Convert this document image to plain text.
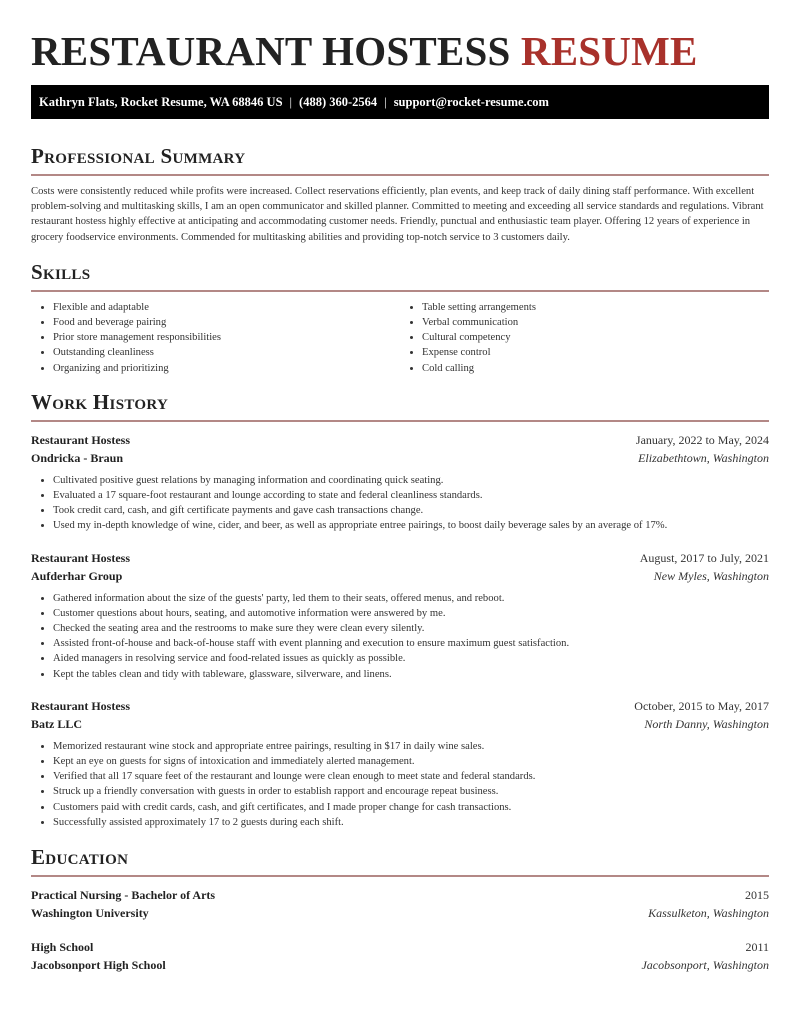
RESTAURANT HOSTESS RESUME
Kathryn Flats, Rocket Resume, WA 68846 US | (488) 360-2564 | support@rocket-resume.com
Professional Summary

Costs were consistently reduced while profits were increased. Collect reservations efficiently, plan events, and keep track of daily dining staff performance. With excellent problem-solving and multitasking skills, I am an open communicator and skilled planner. Committed to meeting and exceeding all service standards and regulations. Vibrant restaurant hostess highly effective at anticipating and accommodating customer needs. Friendly, punctual and enthusiastic team player. Offering 12 years of experience in grocery foodservice environments. Commended for multitasking abilities and providing top-notch service to 3 customers daily.

Skills
• Flexible and adaptable
• Food and beverage pairing
• Prior store management responsibilities
• Outstanding cleanliness
• Organizing and prioritizing
• Table setting arrangements
• Verbal communication
• Cultural competency
• Expense control
• Cold calling
Work History
Restaurant Hostess	January, 2022 to May, 2024
Ondricka - Braun	Elizabethtown, Washington
• Cultivated positive guest relations by managing information and coordinating quick seating.
• Evaluated a 17 square-foot restaurant and lounge according to state and federal cleanliness standards.
• Took credit card, cash, and gift certificate payments and gave cash transactions change.
• Used my in-depth knowledge of wine, cider, and beer, as well as appropriate entree pairings, to boost daily beverage sales by an average of 17%.
Restaurant Hostess	August, 2017 to July, 2021
Aufderhar Group	New Myles, Washington
• Gathered information about the size of the guests' party, led them to their seats, offered menus, and reboot.
• Customer questions about hours, seating, and automotive information were answered by me.
• Checked the seating area and the restrooms to make sure they were clean every silently.
• Assisted front-of-house and back-of-house staff with event planning and execution to ensure maximum guest satisfaction.
• Aided managers in resolving service and food-related issues as quickly as possible.
• Kept the tables clean and tidy with tableware, glassware, silverware, and linens.
Restaurant Hostess	October, 2015 to May, 2017
Batz LLC	North Danny, Washington
• Memorized restaurant wine stock and appropriate entree pairings, resulting in $17 in daily wine sales.
• Kept an eye on guests for signs of intoxication and immediately alerted management.
• Verified that all 17 square feet of the restaurant and lounge were clean enough to meet state and federal standards.
• Struck up a friendly conversation with guests in order to establish rapport and encourage repeat business.
• Customers paid with credit cards, cash, and gift certificates, and I made proper change for cash transactions.
• Successfully assisted approximately 17 to 2 guests during each shift.
Education
Practical Nursing - Bachelor of Arts	2015
Washington University	Kassulketon, Washington
High School	2011
Jacobsonport High School	Jacobsonport, Washington
